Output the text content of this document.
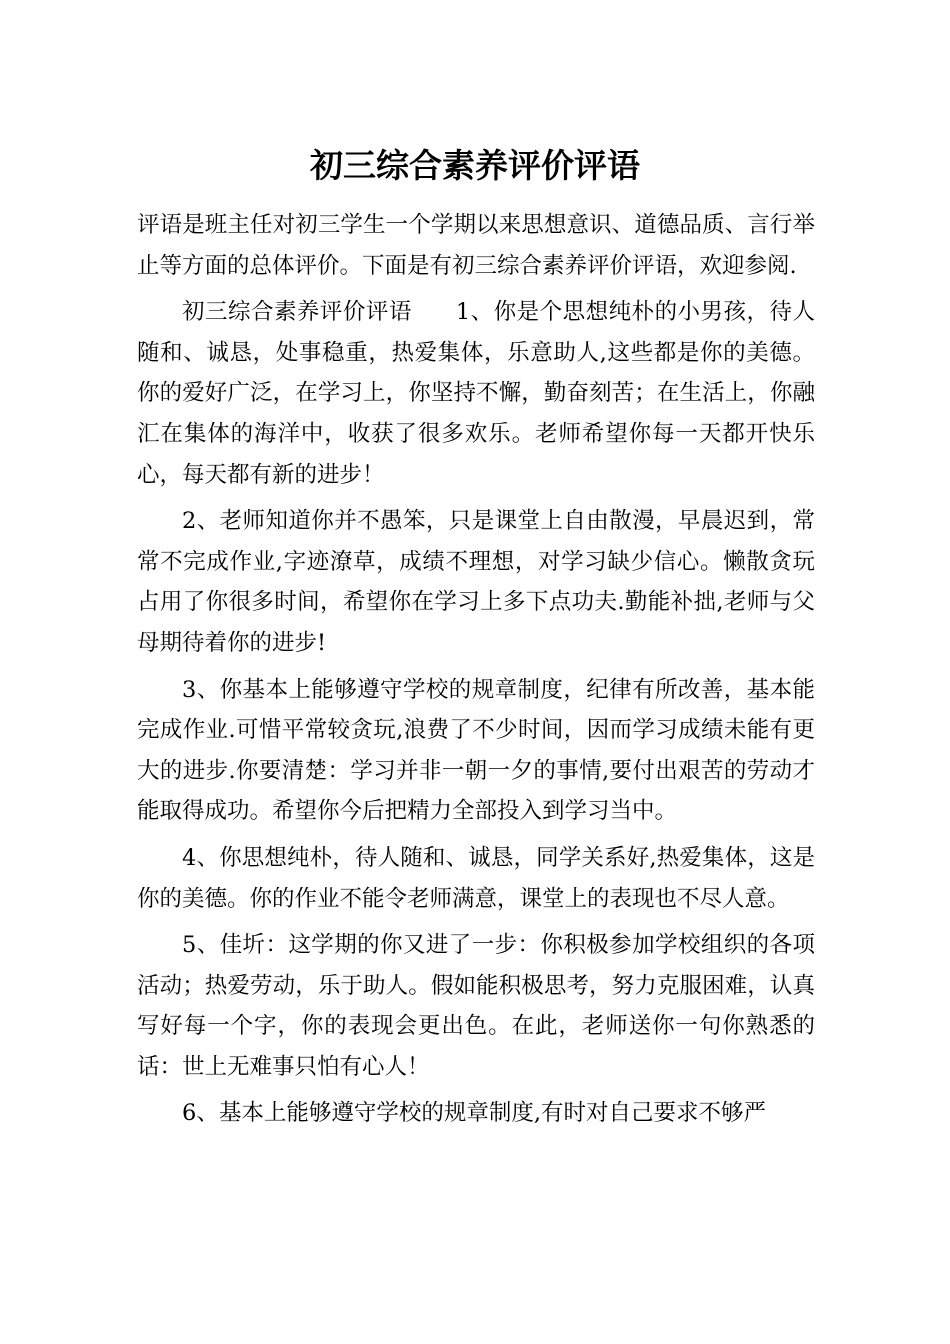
初三综合素养评价评语

评语是班主任对初三学生一个学期以来思想意识、道德品质、言行举止等方面的总体评价。下面是有初三综合素养评价评语，欢迎参阅.

初三综合素养评价评语 1、你是个思想纯朴的小男孩，待人随和、诚恳，处事稳重，热爱集体，乐意助人,这些都是你的美德。你的爱好广泛，在学习上，你坚持不懈，勤奋刻苦；在生活上，你融汇在集体的海洋中，收获了很多欢乐。老师希望你每一天都开快乐心，每天都有新的进步！

2、老师知道你并不愚笨，只是课堂上自由散漫，早晨迟到，常常不完成作业,字迹潦草，成绩不理想，对学习缺少信心。懒散贪玩占用了你很多时间，希望你在学习上多下点功夫.勤能补拙,老师与父母期待着你的进步!

3、你基本上能够遵守学校的规章制度，纪律有所改善，基本能完成作业.可惜平常较贪玩,浪费了不少时间，因而学习成绩未能有更大的进步.你要清楚：学习并非一朝一夕的事情,要付出艰苦的劳动才能取得成功。希望你今后把精力全部投入到学习当中。

4、你思想纯朴，待人随和、诚恳，同学关系好,热爱集体，这是你的美德。你的作业不能令老师满意，课堂上的表现也不尽人意。

5、佳圻：这学期的你又进了一步：你积极参加学校组织的各项活动；热爱劳动，乐于助人。假如能积极思考，努力克服困难，认真写好每一个字，你的表现会更出色。在此，老师送你一句你熟悉的话：世上无难事只怕有心人！

6、基本上能够遵守学校的规章制度,有时对自己要求不够严
